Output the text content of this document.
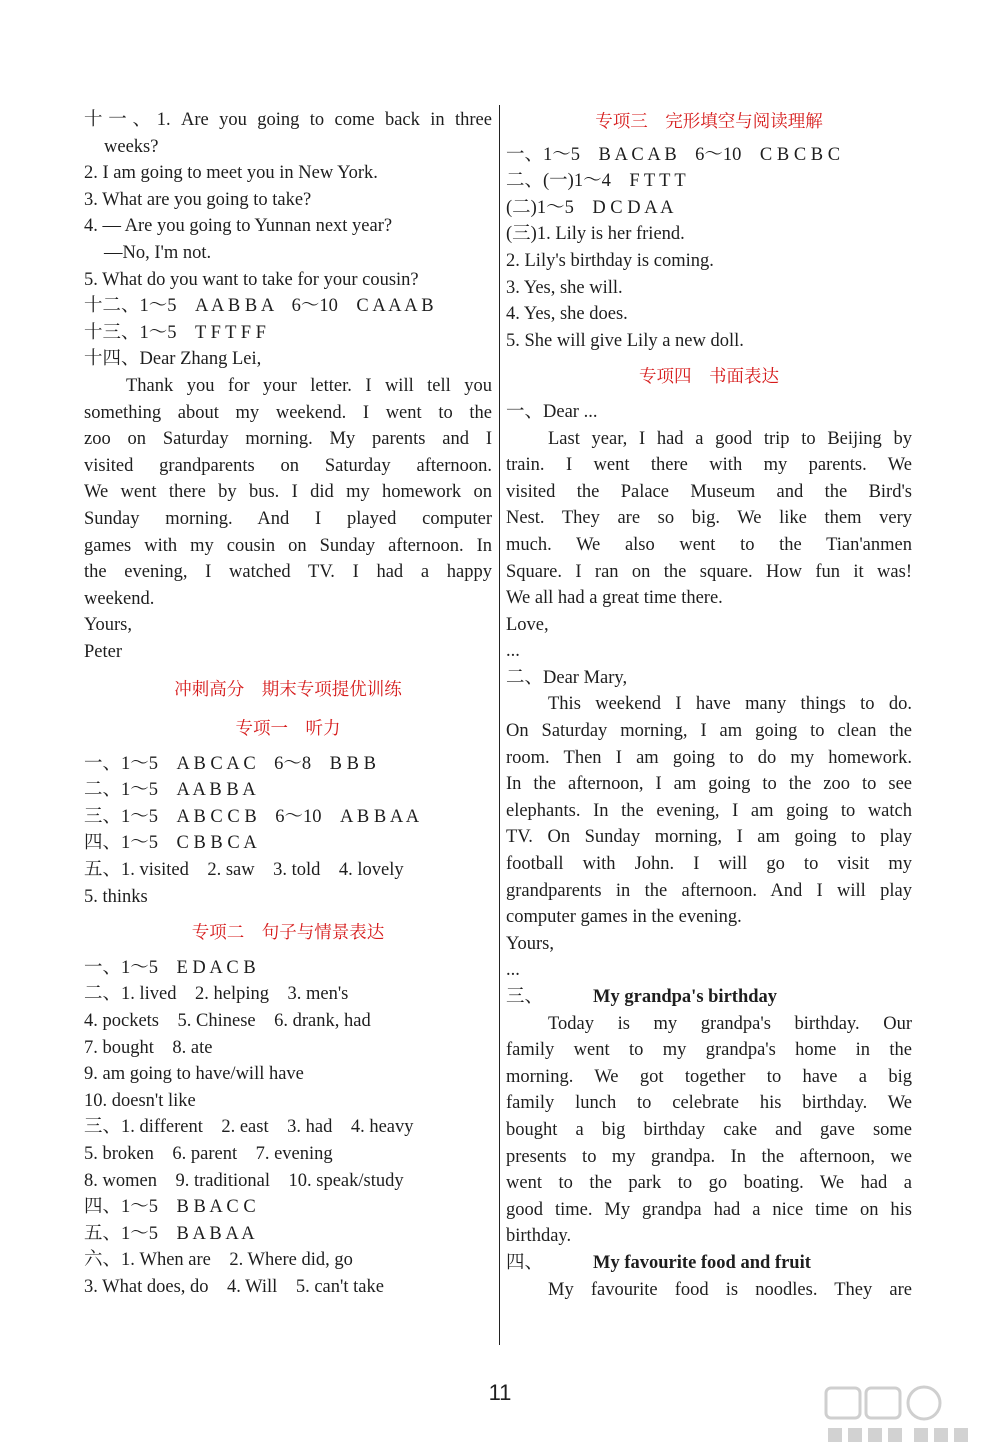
十一、1. Are you going to come back in three
weeks?
2. I am going to meet you in New York.
3. What are you going to take?
4. — Are you going to Yunnan next year?
—No, I'm not.
5. What do you want to take for your cousin?
十二、1～5　A A B B A　6～10　C A A A B
十三、1～5　T F T F F
十四、Dear Zhang Lei,
Thank you for your letter. I will tell you
something about my weekend. I went to the
zoo on Saturday morning. My parents and I
visited grandparents on Saturday afternoon.
We went there by bus. I did my homework on
Sunday morning. And I played computer
games with my cousin on Sunday afternoon. In
the evening, I watched TV. I had a happy
weekend.
Yours,
Peter
冲刺高分　期末专项提优训练
专项一　听力
一、1～5　A B C A C　6～8　B B B
二、1～5　A A B B A
三、1～5　A B C C B　6～10　A B B A A
四、1～5　C B B C A
五、1. visited　2. saw　3. told　4. lovely
5. thinks
专项二　句子与情景表达
一、1～5　E D A C B
二、1. lived　2. helping　3. men's
4. pockets　5. Chinese　6. drank, had
7. bought　8. ate
9. am going to have/will have
10. doesn't like
三、1. different　2. east　3. had　4. heavy
5. broken　6. parent　7. evening
8. women　9. traditional　10. speak/study
四、1～5　B B A C C
五、1～5　B A B A A
六、1. When are　2. Where did, go
3. What does, do　4. Will　5. can't take
专项三　完形填空与阅读理解
一、1～5　B A C A B　6～10　C B C B C
二、(一)1～4　F T T T
(二)1～5　D C D A A
(三)1. Lily is her friend.
2. Lily's birthday is coming.
3. Yes, she will.
4. Yes, she does.
5. She will give Lily a new doll.
专项四　书面表达
一、Dear ...
Last year, I had a good trip to Beijing by
train. I went there with my parents. We
visited the Palace Museum and the Bird's
Nest. They are so big. We like them very
much. We also went to the Tian'anmen
Square. I ran on the square. How fun it was!
We all had a great time there.
Love,
...
二、Dear Mary,
This weekend I have many things to do.
On Saturday morning, I am going to clean the
room. Then I am going to do my homework.
In the afternoon, I am going to the zoo to see
elephants. In the evening, I am going to watch
TV. On Sunday morning, I am going to play
football with John. I will go to visit my
grandparents in the afternoon. And I will play
computer games in the evening.
Yours,
...
三、	My grandpa's birthday
Today is my grandpa's birthday. Our
family went to my grandpa's home in the
morning. We got together to have a big
family lunch to celebrate his birthday. We
bought a big birthday cake and gave some
presents to my grandpa. In the afternoon, we
went to the park to go boating. We had a
good time. My grandpa had a nice time on his
birthday.
四、	My favourite food and fruit
My favourite food is noodles. They are
11
